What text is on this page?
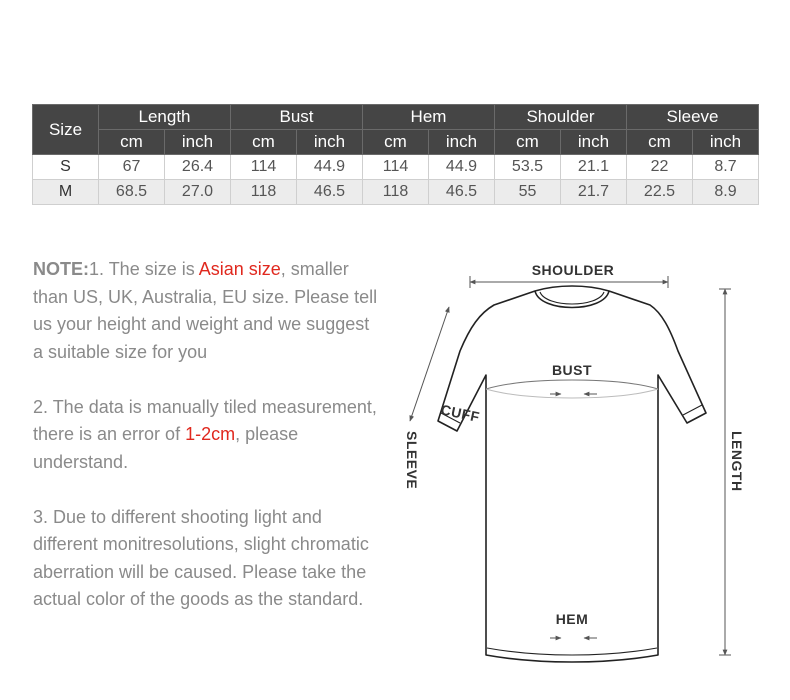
Size	Length		Bust		Hem		Shoulder		Sleeve	
	cm	inch	cm	inch	cm	inch	cm	inch	cm	inch
S	67	26.4	114	44.9	114	44.9	53.5	21.1	22	8.7
M	68.5	27.0	118	46.5	118	46.5	55	21.7	22.5	8.9

NOTE:1. The size is Asian size, smaller than US, UK, Australia, EU size. Please tell us your height and weight and we suggest a suitable size for you

2. The data is manually tiled measurement, there is an error of 1-2cm, please understand.

3. Due to different shooting light and different monitresolutions, slight chromatic aberration will be caused. Please take the actual color of the goods as the standard.

SHOULDER
BUST
CUFF
SLEEVE	LENGTH
HEM
